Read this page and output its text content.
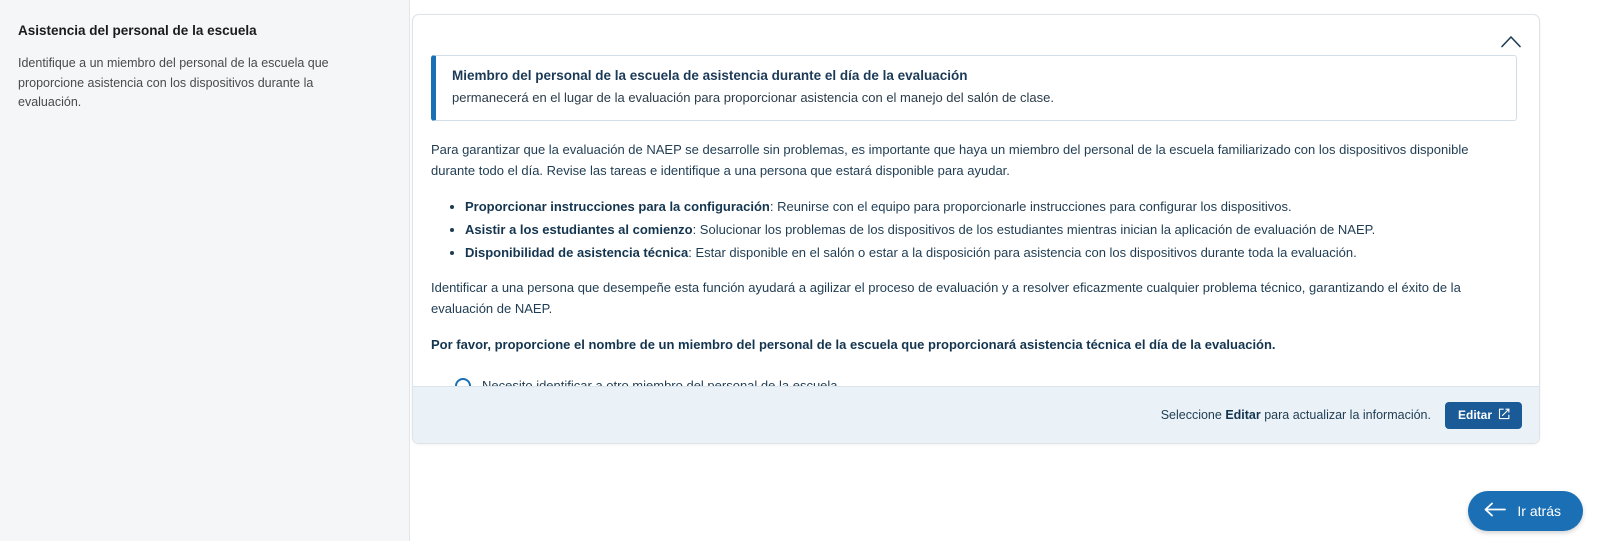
Asistencia del personal de la escuela

Identifique a un miembro del personal de la escuela que proporcione asistencia con los dispositivos durante la evaluación.

Miembro del personal de la escuela de asistencia durante el día de la evaluación
permanecerá en el lugar de la evaluación para proporcionar asistencia con el manejo del salón de clase.

Para garantizar que la evaluación de NAEP se desarrolle sin problemas, es importante que haya un miembro del personal de la escuela familiarizado con los dispositivos disponible durante todo el día. Revise las tareas e identifique a una persona que estará disponible para ayudar.

• Proporcionar instrucciones para la configuración: Reunirse con el equipo para proporcionarle instrucciones para configurar los dispositivos.
• Asistir a los estudiantes al comienzo: Solucionar los problemas de los dispositivos de los estudiantes mientras inician la aplicación de evaluación de NAEP.
• Disponibilidad de asistencia técnica: Estar disponible en el salón o estar a la disposición para asistencia con los dispositivos durante toda la evaluación.

Identificar a una persona que desempeñe esta función ayudará a agilizar el proceso de evaluación y a resolver eficazmente cualquier problema técnico, garantizando el éxito de la evaluación de NAEP.

Por favor, proporcione el nombre de un miembro del personal de la escuela que proporcionará asistencia técnica el día de la evaluación.

Seleccione Editar para actualizar la información. Editar
Ir atrás
